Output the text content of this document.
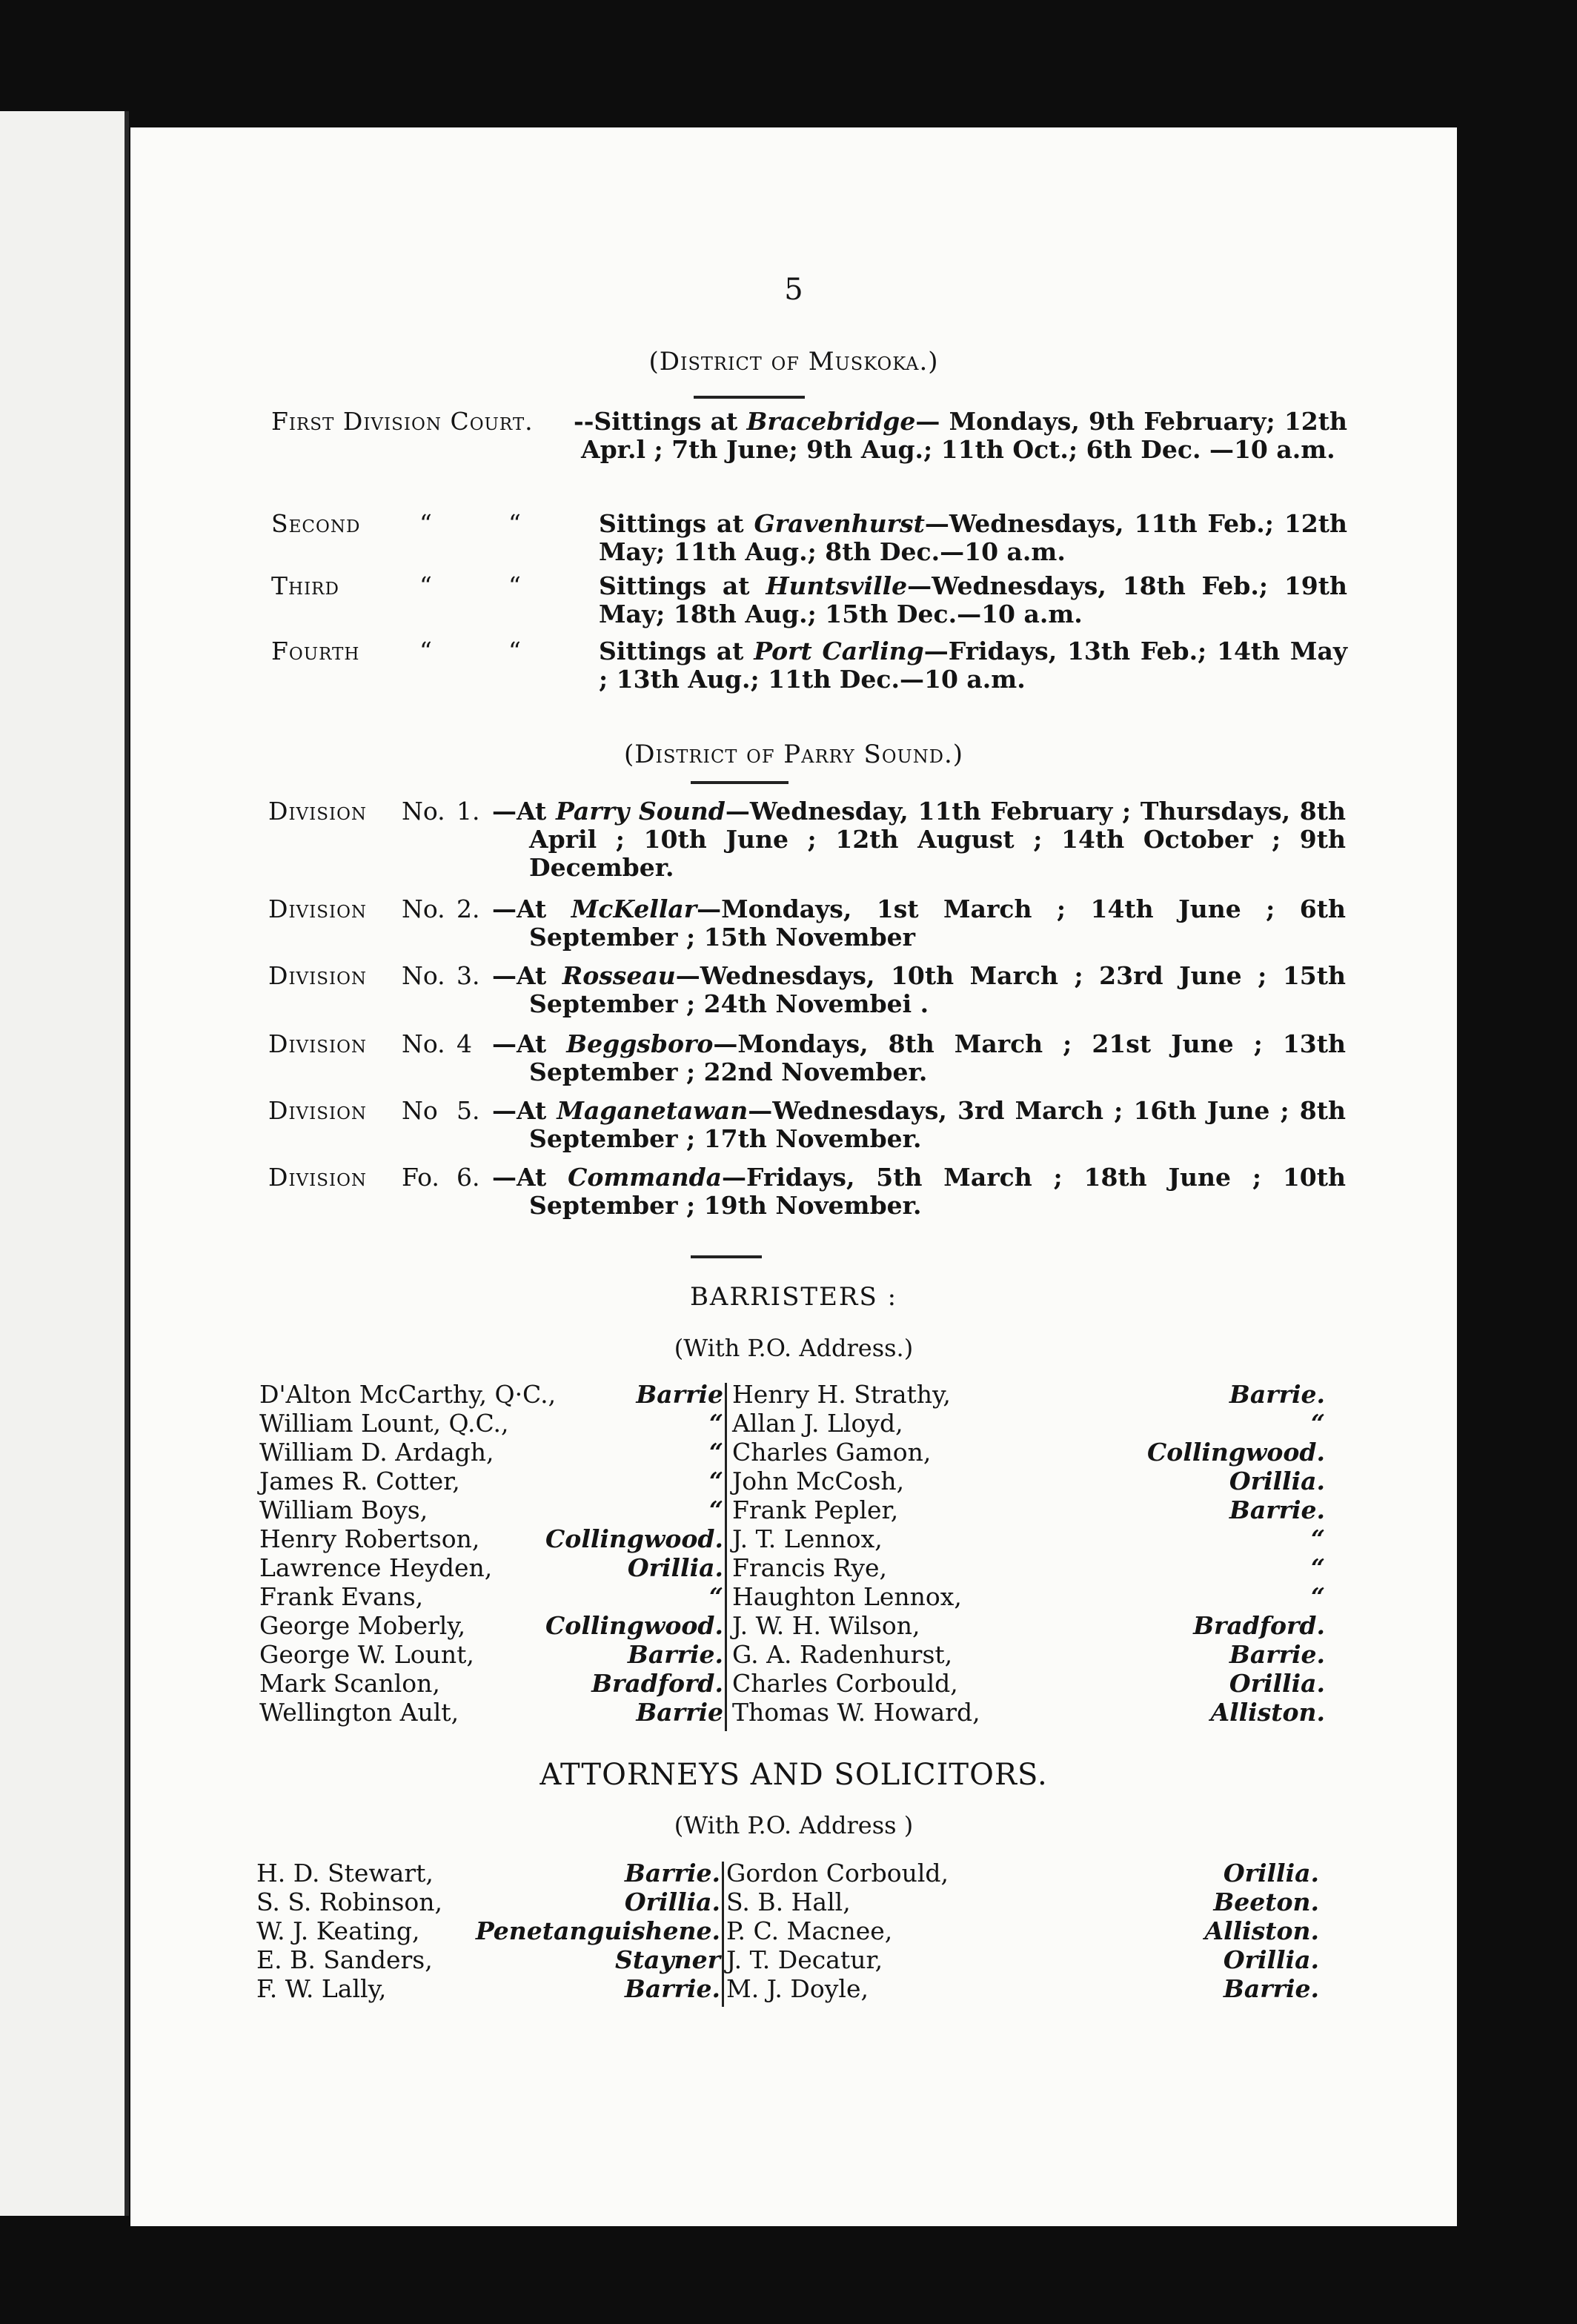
5
(District of Muskoka.)
First Division Court. --Sittings at Bracebridge— Mondays, 9th February; 12th Apr.l ; 7th June; 9th Aug.; 11th Oct.; 6th Dec. —10 a.m.
Second “	“	Sittings at Gravenhurst—Wednesdays, 11th Feb.; 12th May; 11th Aug.; 8th Dec.—10 a.m.
Third	“	“	Sittings at Huntsville—Wednesdays, 18th Feb.; 19th May; 18th Aug.; 15th Dec.—10 a.m.
Fourth “	“	Sitting​s at Port Carling—Fridays, 13th Feb.; 14th May ; 13th Aug.; 11th Dec.—10 a.m.
(District of Parry Sound.)
Division No. 1. —At Parry Sound—Wednesday, 11th February ; Thursdays, 8th April ; 10th June ; 12th August ; 14th October ; 9th December.
Division No. 2. —At McKellar—Mondays, 1st March ; 14th June ; 6th September ; 15th November
Division No. 3. —At Rosseau—Wednesdays, 10th March ; 23rd June ; 15th September ; 24th Novembei .
Division No. 4 —At Beggsboro—Mondays, 8th March ; 21st June ; 13th September ; 22nd November.
Division No 5. —At Maganetawan—Wednesdays, 3rd March ; 16th June ; 8th September ; 17th November.
Division Fo. 6. —At Commanda—Fridays, 5th March ; 18th June ; 10th September ; 19th November.
BARRISTERS :
(With P.O. Address.)
D'Alton McCarthy, Q·C.,	Barrie
William Lount, Q.C.,	“
William D. Ardagh,	“
James R. Cotter,	“
William Boys,	“
Henry Robertson,	Collingwood.
Lawrence Heyden,	Orillia.
Frank Evans,	“
George Moberly,	Collingwood.
George W. Lount,	Barrie.
Mark Scanlon,	Bradford.
Wellington Ault,	Barrie
Henry H. Strathy,	Barrie.
Allan J. Lloyd,	“
Charles Gamon,	Collingwood.
John McCosh,	Orillia.
Frank Pepler,	Barrie.
J. T. Lennox,	“
Francis Rye,	“
Haughton Lennox,	“
J. W. H. Wilson,	Bradford.
G. A. Radenhurst,	Barrie.
Charles Corbould,	Orillia.
Thomas W. Howard,	Alliston.
ATTORNEYS AND SOLICITORS.
(With P.O. Address )
H. D. Stewart,	Barrie.
S. S. Robinson,	Orillia.
W. J. Keating, Penetanguishene.
E. B. Sanders,	Stayner
F. W. Lally,	Barrie.
Gordon Corbould,	Orillia.
S. B. Hall,	Beeton.
P. C. Macnee,	Alliston.
J. T. Decatur,	Orillia.
M. J. Doyle,	Barrie.
